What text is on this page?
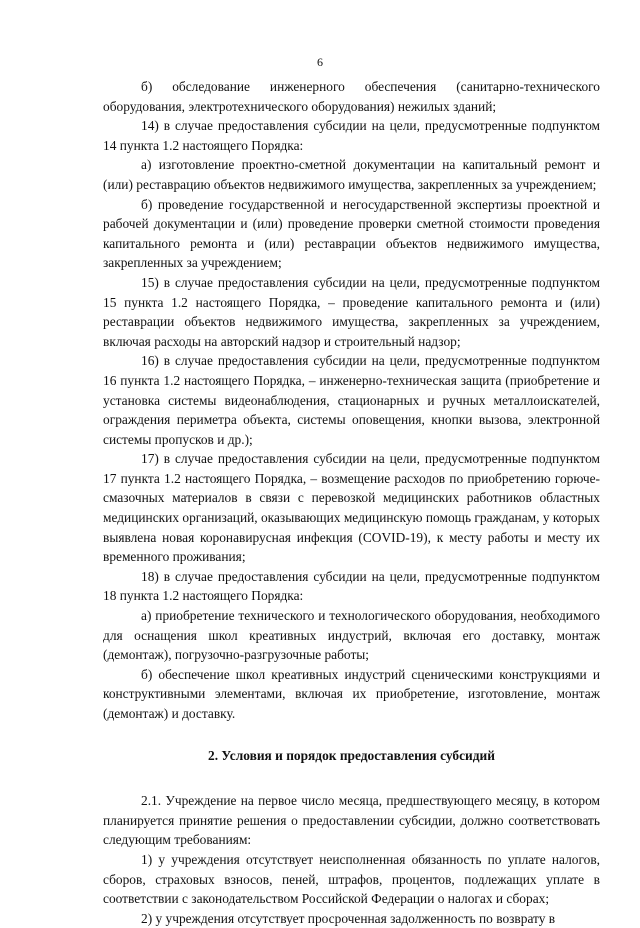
6

б) обследование инженерного обеспечения (санитарно-технического оборудования, электротехнического оборудования) нежилых зданий;

14) в случае предоставления субсидии на цели, предусмотренные подпунктом 14 пункта 1.2 настоящего Порядка:

а) изготовление проектно-сметной документации на капитальный ремонт и (или) реставрацию объектов недвижимого имущества, закрепленных за учреждением;

б) проведение государственной и негосударственной экспертизы проектной и рабочей документации и (или) проведение проверки сметной стоимости проведения капитального ремонта и (или) реставрации объектов недвижимого имущества, закрепленных за учреждением;

15) в случае предоставления субсидии на цели, предусмотренные подпунктом 15 пункта 1.2 настоящего Порядка, – проведение капитального ремонта и (или) реставрации объектов недвижимого имущества, закрепленных за учреждением, включая расходы на авторский надзор и строительный надзор;

16) в случае предоставления субсидии на цели, предусмотренные подпунктом 16 пункта 1.2 настоящего Порядка, – инженерно-техническая защита (приобретение и установка системы видеонаблюдения, стационарных и ручных металлоискателей, ограждения периметра объекта, системы оповещения, кнопки вызова, электронной системы пропусков и др.);

17) в случае предоставления субсидии на цели, предусмотренные подпунктом 17 пункта 1.2 настоящего Порядка, – возмещение расходов по приобретению горюче-смазочных материалов в связи с перевозкой медицинских работников областных медицинских организаций, оказывающих медицинскую помощь гражданам, у которых выявлена новая коронавирусная инфекция (COVID-19), к месту работы и месту их временного проживания;

18) в случае предоставления субсидии на цели, предусмотренные подпунктом 18 пункта 1.2 настоящего Порядка:

а) приобретение технического и технологического оборудования, необходимого для оснащения школ креативных индустрий, включая его доставку, монтаж (демонтаж), погрузочно-разгрузочные работы;

б) обеспечение школ креативных индустрий сценическими конструкциями и конструктивными элементами, включая их приобретение, изготовление, монтаж (демонтаж) и доставку.

2. Условия и порядок предоставления субсидий

2.1. Учреждение на первое число месяца, предшествующего месяцу, в котором планируется принятие решения о предоставлении субсидии, должно соответствовать следующим требованиям:

1) у учреждения отсутствует неисполненная обязанность по уплате налогов, сборов, страховых взносов, пеней, штрафов, процентов, подлежащих уплате в соответствии с законодательством Российской Федерации о налогах и сборах;

2) у учреждения отсутствует просроченная задолженность по возврату в
